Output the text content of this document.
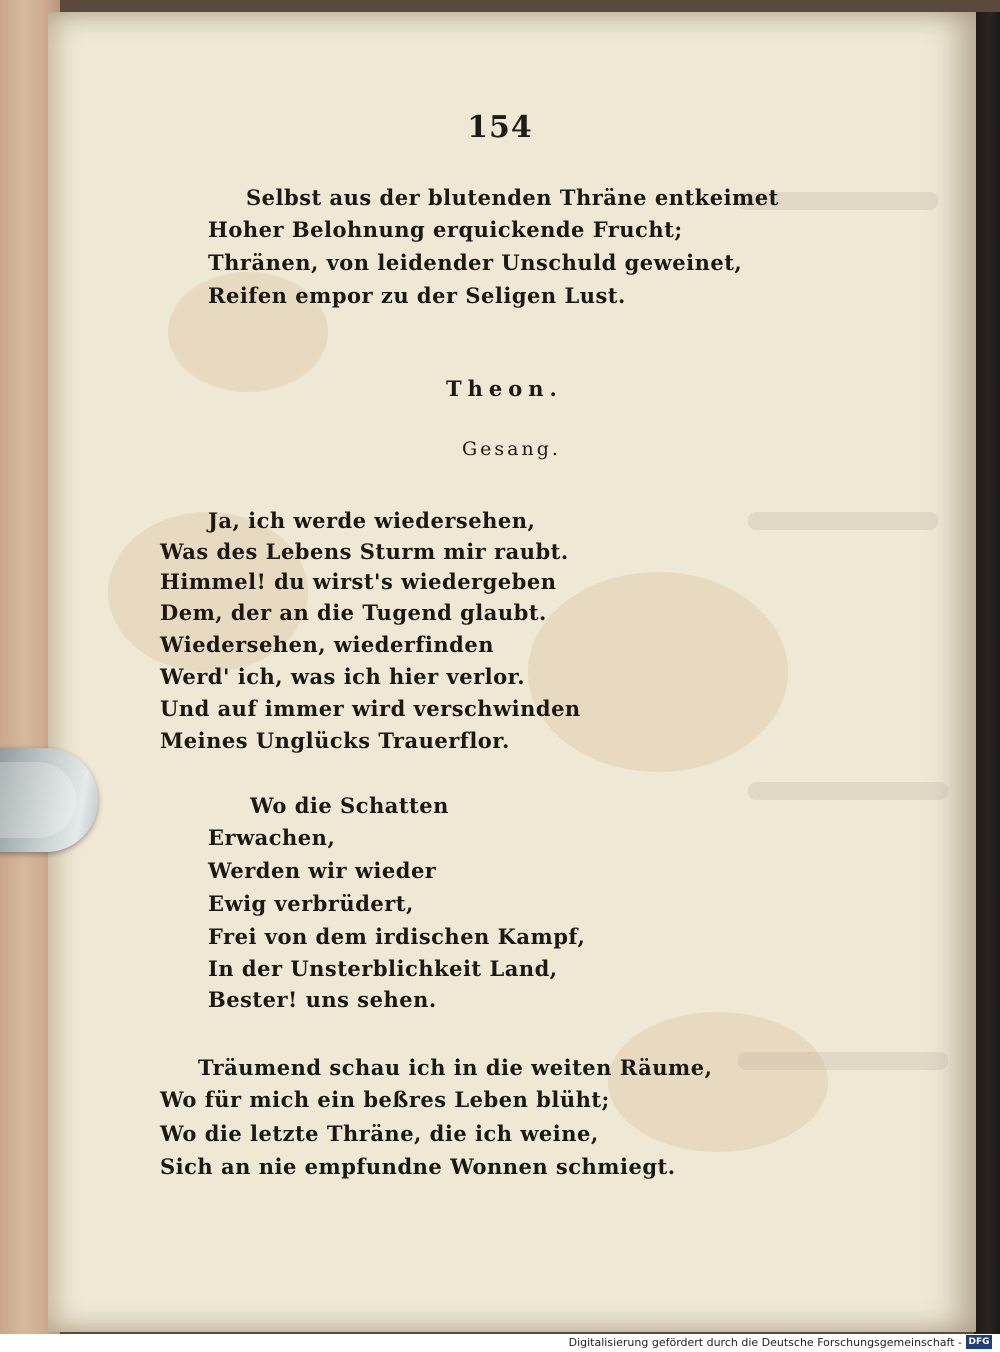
154
Selbst aus der blutenden Thräne entkeimet
Hoher Belohnung erquickende Frucht;
Thränen, von leidender Unschuld geweinet,
Reifen empor zu der Seligen Lust.
Theon.
Gesang.
Ja, ich werde wiedersehen,
Was des Lebens Sturm mir raubt.
Himmel! du wirst's wiedergeben
Dem, der an die Tugend glaubt.
Wiedersehen, wiederfinden
Werd' ich, was ich hier verlor.
Und auf immer wird verschwinden
Meines Unglücks Trauerflor.
Wo die Schatten
Erwachen,
Werden wir wieder
Ewig verbrüdert,
Frei von dem irdischen Kampf,
In der Unsterblichkeit Land,
Bester! uns sehen.
Träumend schau ich in die weiten Räume,
Wo für mich ein beßres Leben blüht;
Wo die letzte Thräne, die ich weine,
Sich an nie empfundne Wonnen schmiegt.
Digitalisierung gefördert durch die Deutsche Forschungsgemeinschaft - DFG
